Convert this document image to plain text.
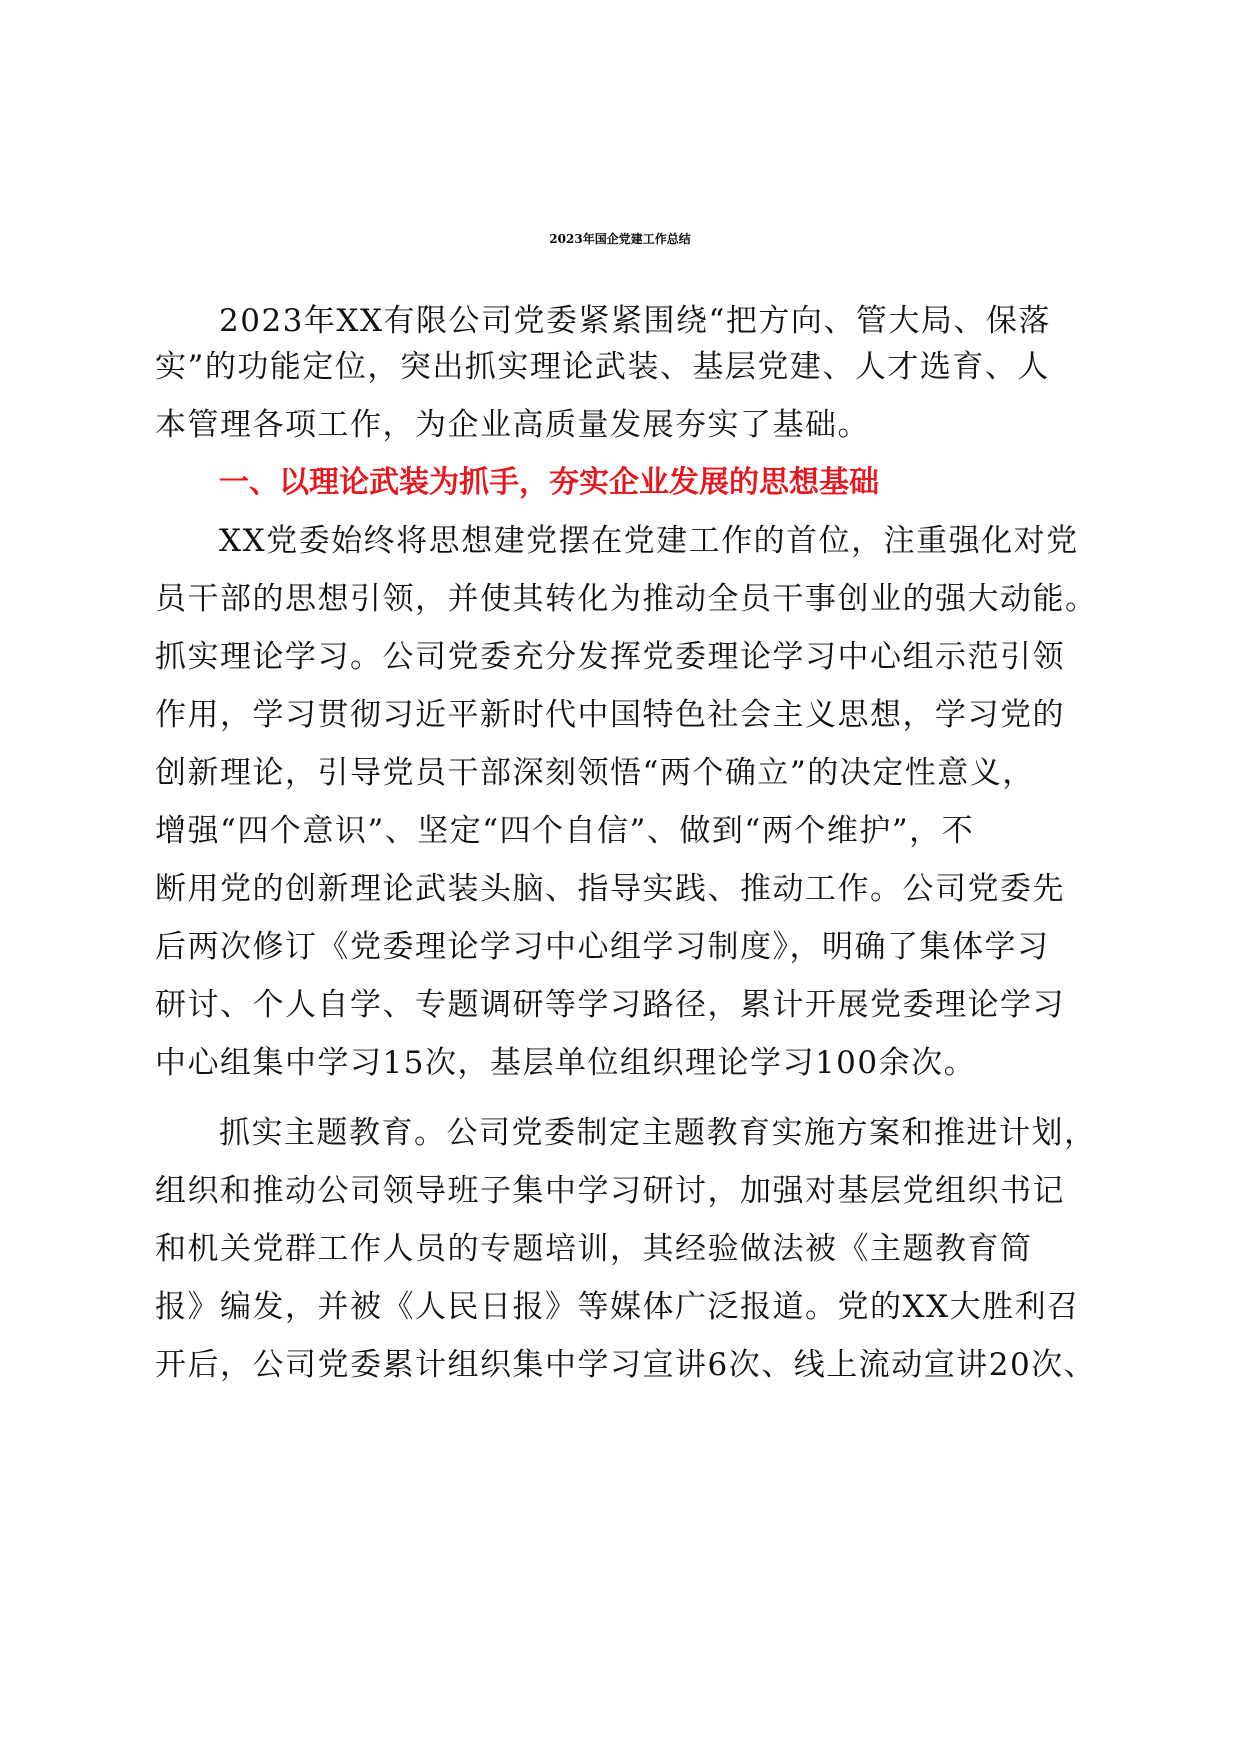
2023年国企党建工作总结
2023年XX有限公司党委紧紧围绕“把方向、管大局、保落
实”的功能定位，突出抓实理论武装、基层党建、人才选育、人
本管理各项工作，为企业高质量发展夯实了基础。
一、以理论武装为抓手，夯实企业发展的思想基础
XX党委始终将思想建党摆在党建工作的首位，注重强化对党
员干部的思想引领，并使其转化为推动全员干事创业的强大动能。
抓实理论学习。公司党委充分发挥党委理论学习中心组示范引领
作用，学习贯彻习近平新时代中国特色社会主义思想，学习党的
创新理论，引导党员干部深刻领悟“两个确立”的决定性意义，
增强“四个意识”、坚定“四个自信”、做到“两个维护”，不
断用党的创新理论武装头脑、指导实践、推动工作。公司党委先
后两次修订《党委理论学习中心组学习制度》，明确了集体学习
研讨、个人自学、专题调研等学习路径，累计开展党委理论学习
中心组集中学习15次，基层单位组织理论学习100余次。
抓实主题教育。公司党委制定主题教育实施方案和推进计划，
组织和推动公司领导班子集中学习研讨，加强对基层党组织书记
和机关党群工作人员的专题培训，其经验做法被《主题教育简
报》编发，并被《人民日报》等媒体广泛报道。党的XX大胜利召
开后，公司党委累计组织集中学习宣讲6次、线上流动宣讲20次、
